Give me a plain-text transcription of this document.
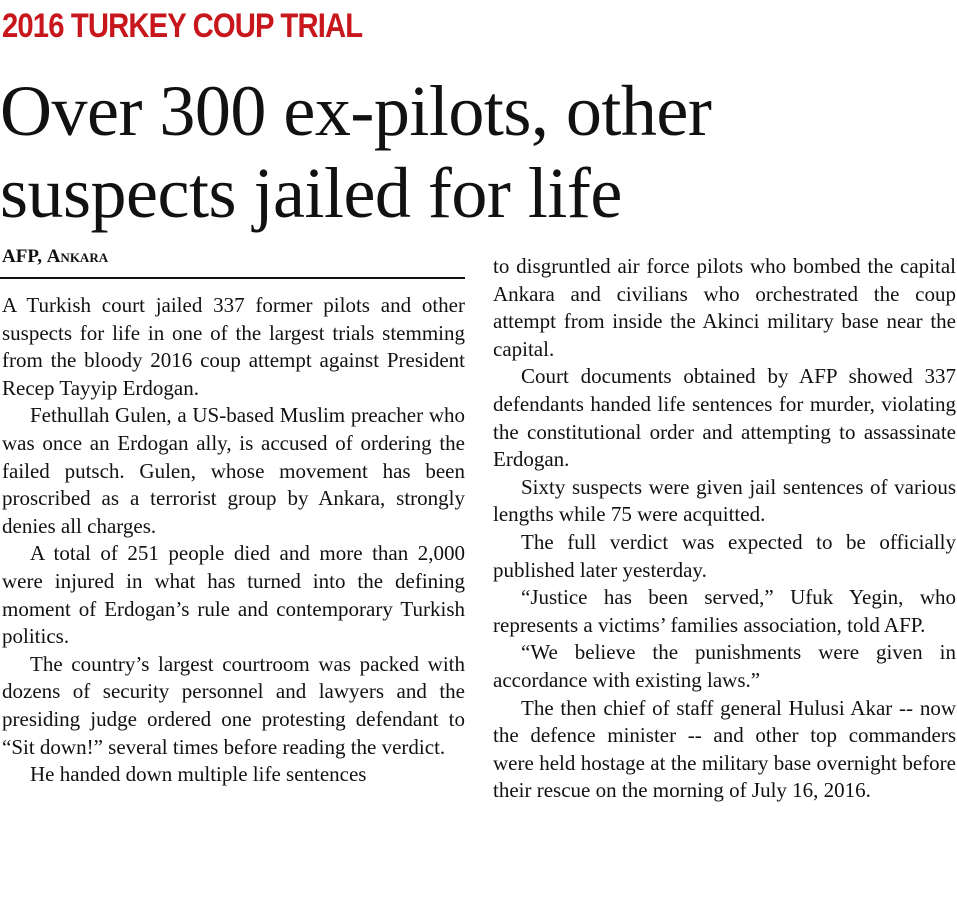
2016 TURKEY COUP TRIAL
Over 300 ex-pilots, other
suspects jailed for life
AFP, Ankara

A Turkish court jailed 337 former pilots and other suspects for life in one of the largest trials stemming from the bloody 2016 coup attempt against President Recep Tayyip Erdogan.

Fethullah Gulen, a US-based Muslim preacher who was once an Erdogan ally, is accused of ordering the failed putsch. Gulen, whose movement has been proscribed as a terrorist group by Ankara, strongly denies all charges.

A total of 251 people died and more than 2,000 were injured in what has turned into the defining moment of Erdogan’s rule and contemporary Turkish politics.

The country’s largest courtroom was packed with dozens of security personnel and lawyers and the presiding judge ordered one protesting defendant to “Sit down!” several times before reading the verdict.

He handed down multiple life sentences

to disgruntled air force pilots who bombed the capital Ankara and civilians who orchestrated the coup attempt from inside the Akinci military base near the capital.

Court documents obtained by AFP showed 337 defendants handed life sentences for murder, violating the constitutional order and attempting to assassinate Erdogan.

Sixty suspects were given jail sentences of various lengths while 75 were acquitted.

The full verdict was expected to be officially published later yesterday.

“Justice has been served,” Ufuk Yegin, who represents a victims’ families association, told AFP.

“We believe the punishments were given in accordance with existing laws.”

The then chief of staff general Hulusi Akar -- now the defence minister -- and other top commanders were held hostage at the military base overnight before their rescue on the morning of July 16, 2016.
